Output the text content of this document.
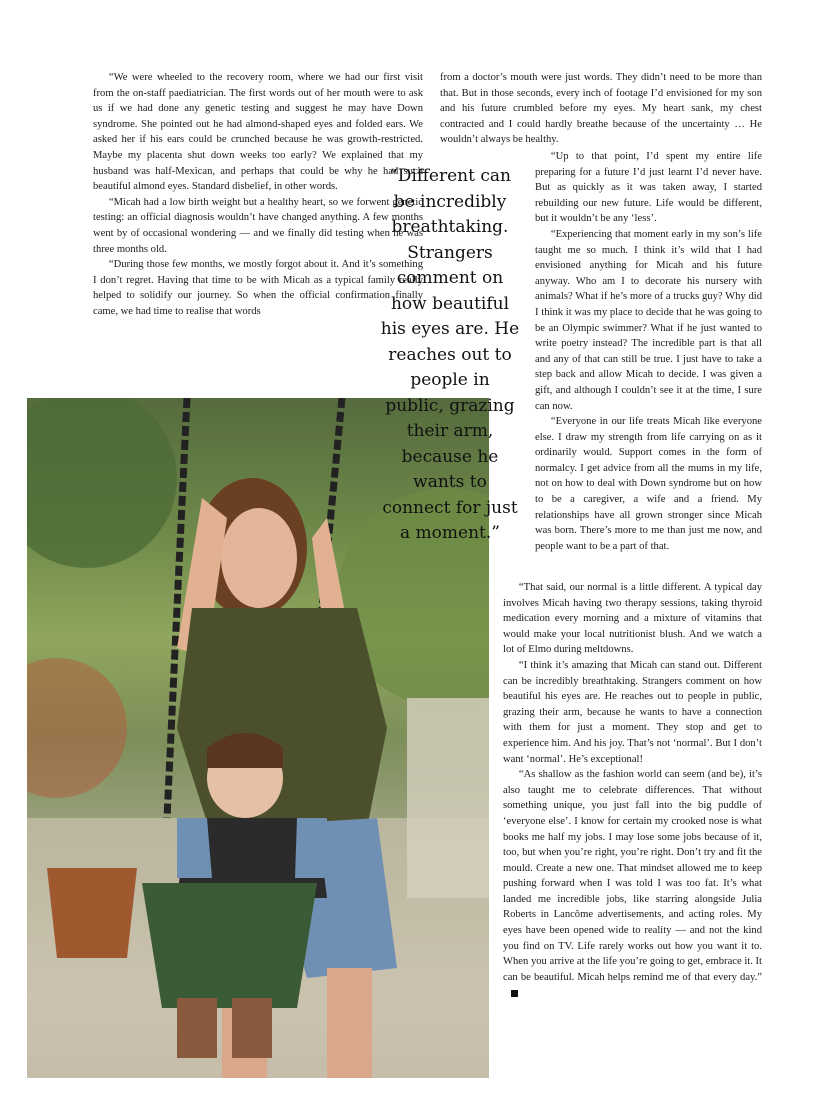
“We were wheeled to the recovery room, where we had our first visit from the on-staff paediatrician. The first words out of her mouth were to ask us if we had done any genetic testing and suggest he may have Down syndrome. She pointed out he had almond-shaped eyes and folded ears. We asked her if his ears could be crunched because he was growth-restricted. Maybe my placenta shut down weeks too early? We explained that my husband was half-Mexican, and perhaps that could be why he had such beautiful almond eyes. Standard disbelief, in other words.

“Micah had a low birth weight but a healthy heart, so we forwent genetic testing: an official diagnosis wouldn’t have changed anything. A few months went by of occasional wondering — and we finally did testing when he was three months old.

“During those few months, we mostly forgot about it. And it’s something I don’t regret. Having that time to be with Micah as a typical family really helped to solidify our journey. So when the official confirmation finally came, we had time to realise that words

from a doctor’s mouth were just words. They didn’t need to be more than that. But in those seconds, every inch of footage I’d envisioned for my son and his future crumbled before my eyes. My heart sank, my chest contracted and I could hardly breathe because of the uncertainty … He wouldn’t always be healthy.

“Different can be incredibly breathtaking. Strangers comment on how beautiful his eyes are. He reaches out to people in public, grazing their arm, because he wants to connect for just a moment.”

“Up to that point, I’d spent my entire life preparing for a future I’d just learnt I’d never have. But as quickly as it was taken away, I started rebuilding our new future. Life would be different, but it wouldn’t be any ‘less’.

“Experiencing that moment early in my son’s life taught me so much. I think it’s wild that I had envisioned anything for Micah and his future anyway. Who am I to decorate his nursery with animals? What if he’s more of a trucks guy? Why did I think it was my place to decide that he was going to be an Olympic swimmer? What if he just wanted to write poetry instead? The incredible part is that all and any of that can still be true. I just have to take a step back and allow Micah to decide. I was given a gift, and although I couldn’t see it at the time, I sure can now.

“Everyone in our life treats Micah like everyone else. I draw my strength from life carrying on as it ordinarily would. Support comes in the form of normalcy. I get advice from all the mums in my life, not on how to deal with Down syndrome but on how to be a caregiver, a wife and a friend. My relationships have all grown stronger since Micah was born. There’s more to me than just me now, and people want to be a part of that.

“That said, our normal is a little different. A typical day involves Micah having two therapy sessions, taking thyroid medication every morning and a mixture of vitamins that would make your local nutritionist blush. And we watch a lot of Elmo during meltdowns.

“I think it’s amazing that Micah can stand out. Different can be incredibly breathtaking. Strangers comment on how beautiful his eyes are. He reaches out to people in public, grazing their arm, because he wants to have a connection with them for just a moment. They stop and get to experience him. And his joy. That’s not ‘normal’. But I don’t want ‘normal’. He’s exceptional!

“As shallow as the fashion world can seem (and be), it’s also taught me to celebrate differences. That without something unique, you just fall into the big puddle of ‘everyone else’. I know for certain my crooked nose is what books me half my jobs. I may lose some jobs because of it, too, but when you’re right, you’re right. Don’t try and fit the mould. Create a new one. That mindset allowed me to keep pushing forward when I was told I was too fat. It’s what landed me incredible jobs, like starring alongside Julia Roberts in Lancôme advertisements, and acting roles. My eyes have been opened wide to reality — and not the kind you find on TV. Life rarely works out how you want it to. When you arrive at the life you’re going to get, embrace it. It can be beautiful. Micah helps remind me of that every day.”
